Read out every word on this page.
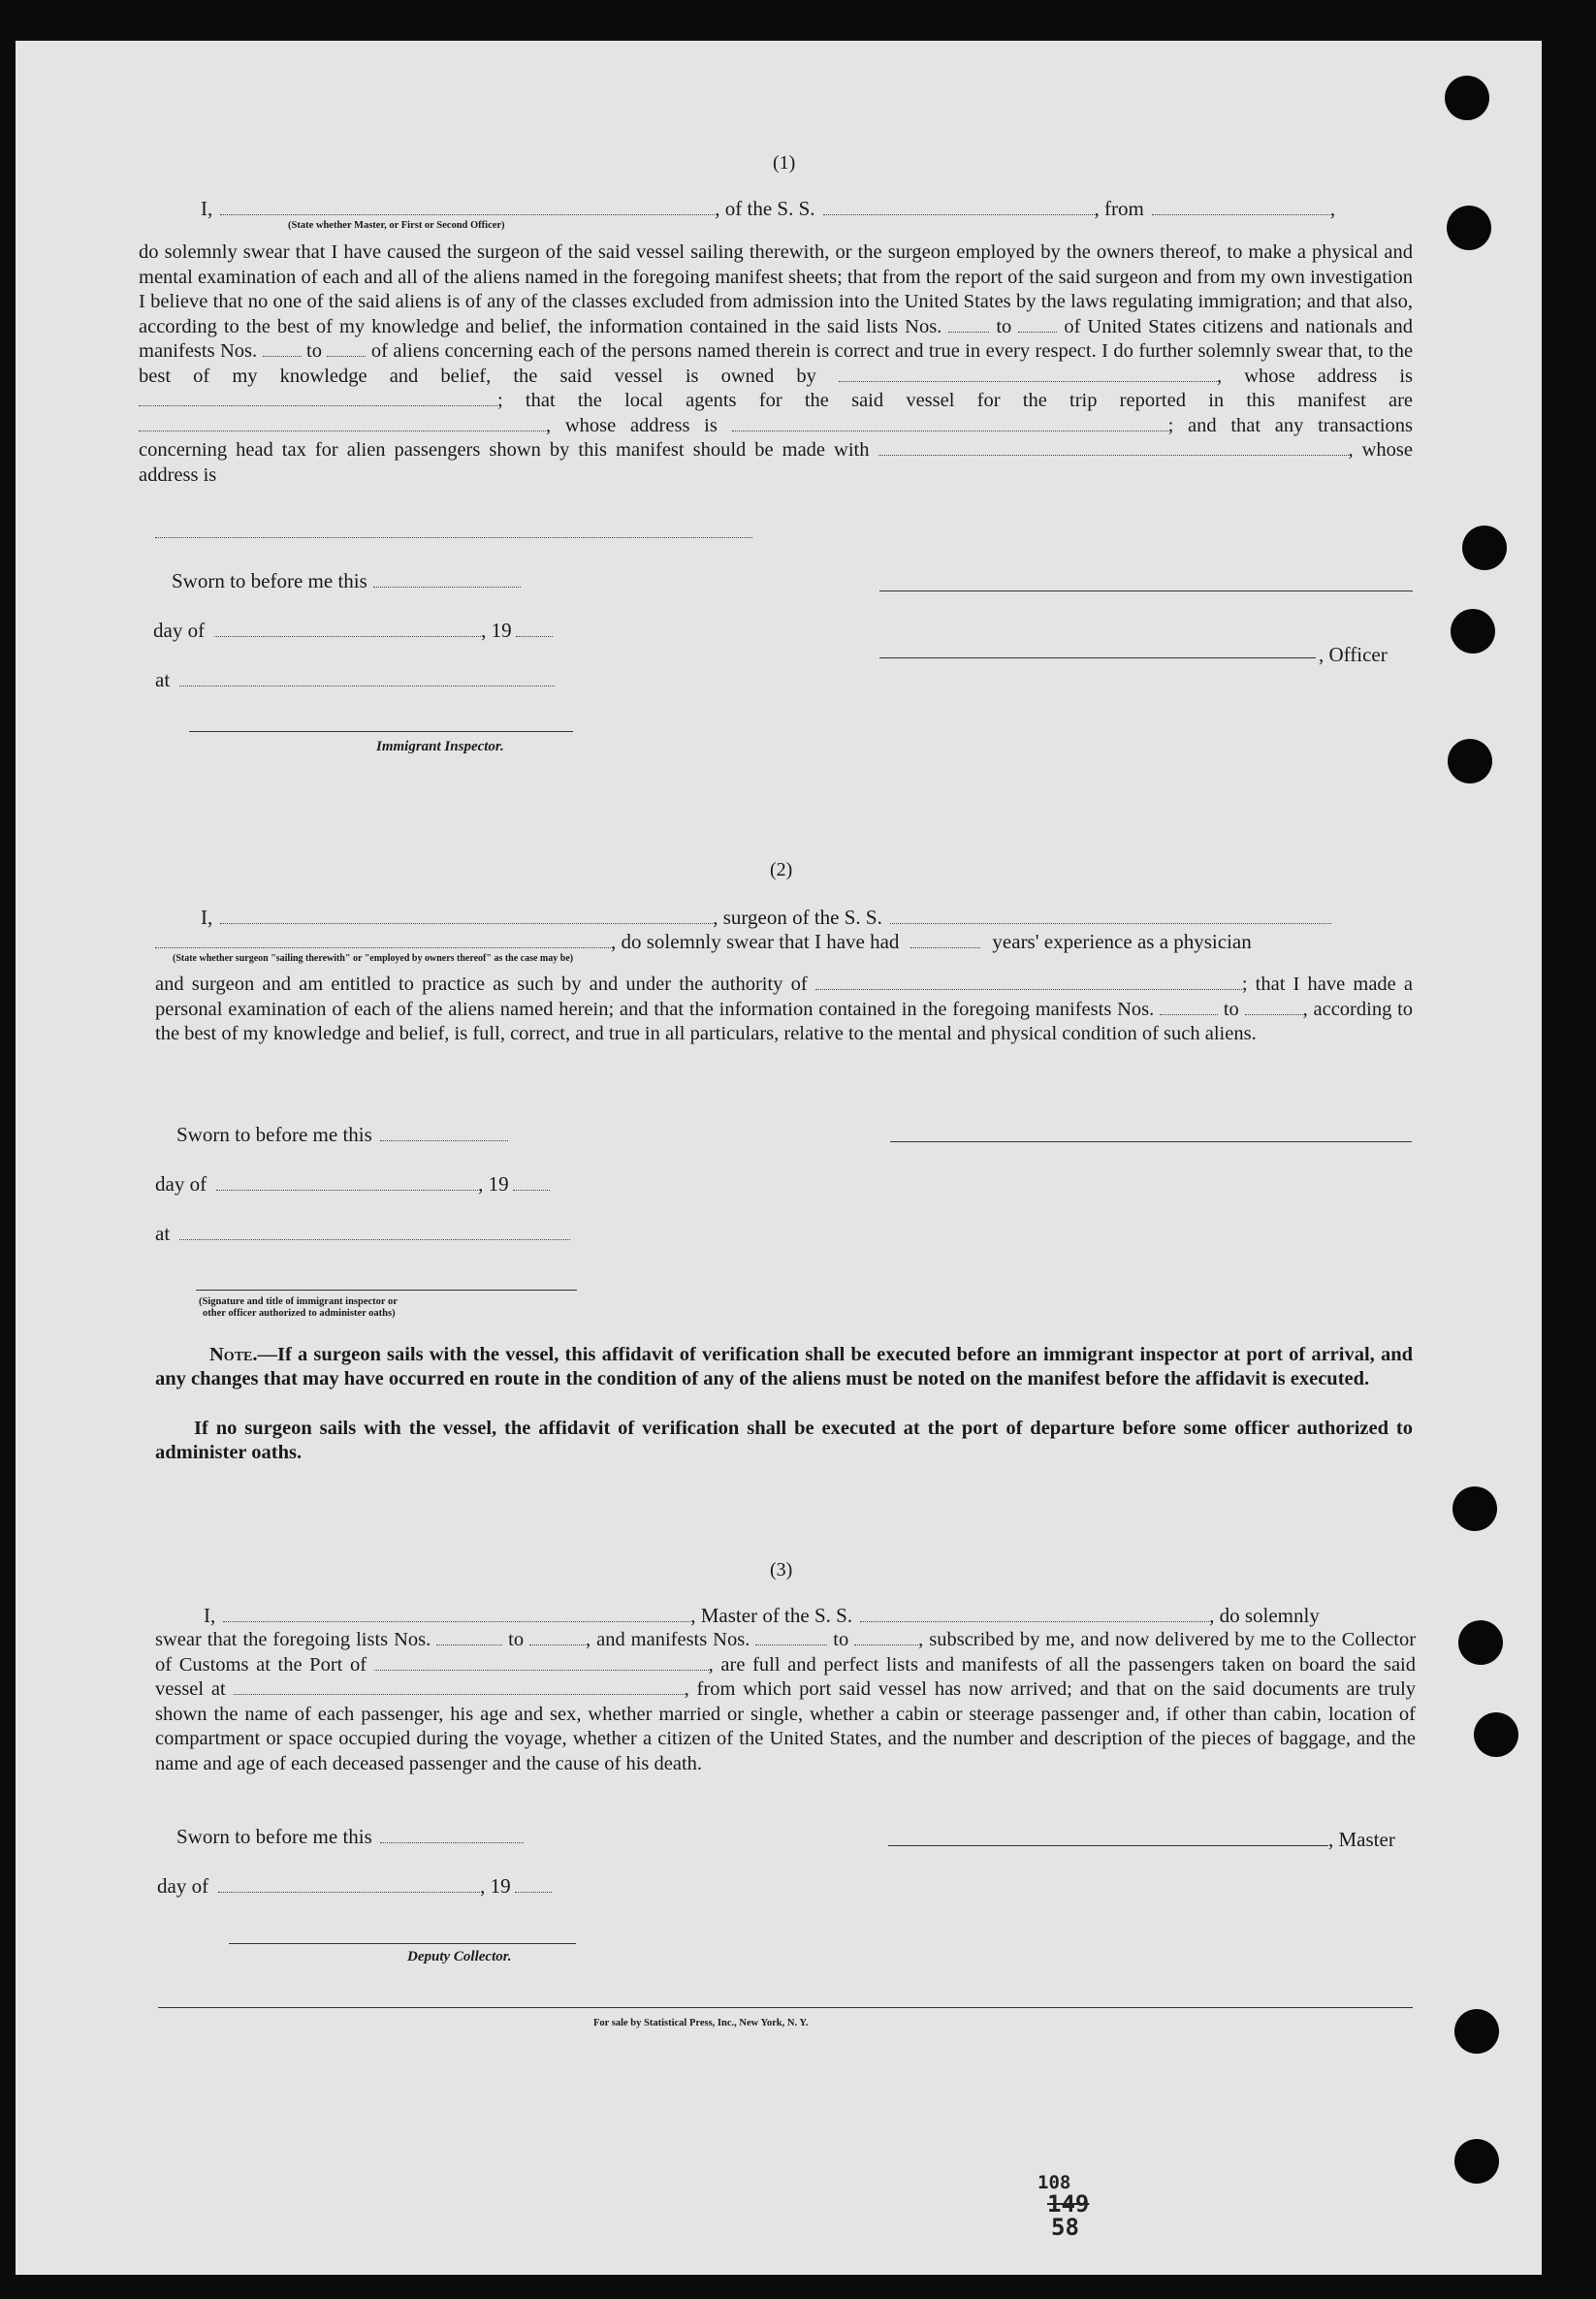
(1)
I,	, of the S. S.	, from	,
(State whether Master, or First or Second Officer)
do solemnly swear that I have caused the surgeon of the said vessel sailing therewith, or the surgeon employed by the owners thereof, to make a physical and mental examination of each and all of the aliens named in the foregoing manifest sheets; that from the report of the said surgeon and from my own investigation I believe that no one of the said aliens is of any of the classes excluded from admission into the United States by the laws regulating immigration; and that also, according to the best of my knowledge and belief, the information contained in the said lists Nos.	to	of United States citizens and nationals and manifests Nos. to of aliens concerning each of the persons named therein is correct and true in every respect. I do further solemnly swear that, to the best of my knowledge and belief, the said vessel is owned by	, whose address is ; that the local agents for the said vessel for the trip reported in this manifest are , whose address is	; and that any transactions concerning head tax for alien passengers shown by this manifest should be made with	, whose address is
Sworn to before me this
day of	, 19
, Officer
at
Immigrant Inspector.
(2)
I,	, surgeon of the S. S.
, do solemnly swear that I have had	years' experience as a physician
(State whether surgeon "sailing therewith" or "employed by owners thereof" as the case may be)
and surgeon and am entitled to practice as such by and under the authority of	; that I have made a personal examination of each of the aliens named herein; and that the information contained in the foregoing manifests Nos.	to	, according to the best of my knowledge and belief, is full, correct, and true in all particulars, relative to the mental and physical condition of such aliens.
Sworn to before me this
day of	, 19
at
(Signature and title of immigrant inspector or
other officer authorized to administer oaths)
Note.—If a surgeon sails with the vessel, this affidavit of verification shall be executed before an immigrant inspector at port of arrival, and any changes that may have occurred en route in the condition of any of the aliens must be noted on the manifest before the affidavit is executed.
If no surgeon sails with the vessel, the affidavit of verification shall be executed at the port of departure before some officer authorized to administer oaths.
(3)
I,	, Master of the S. S.	, do solemnly
swear that the foregoing lists Nos.	to	, and manifests Nos.	to	, subscribed by me, and now delivered by me to the Collector of Customs at the Port of	, are full and perfect lists and manifests of all the passengers taken on board the said vessel at	, from which port said vessel has now arrived; and that on the said documents are truly shown the name of each passenger, his age and sex, whether married or single, whether a cabin or steerage passenger and, if other than cabin, location of compartment or space occupied during the voyage, whether a citizen of the United States, and the number and description of the pieces of baggage, and the name and age of each deceased passenger and the cause of his death.
Sworn to before me this	, Master
day of	, 19
Deputy Collector.
For sale by Statistical Press, Inc., New York, N. Y.
108
149
58
